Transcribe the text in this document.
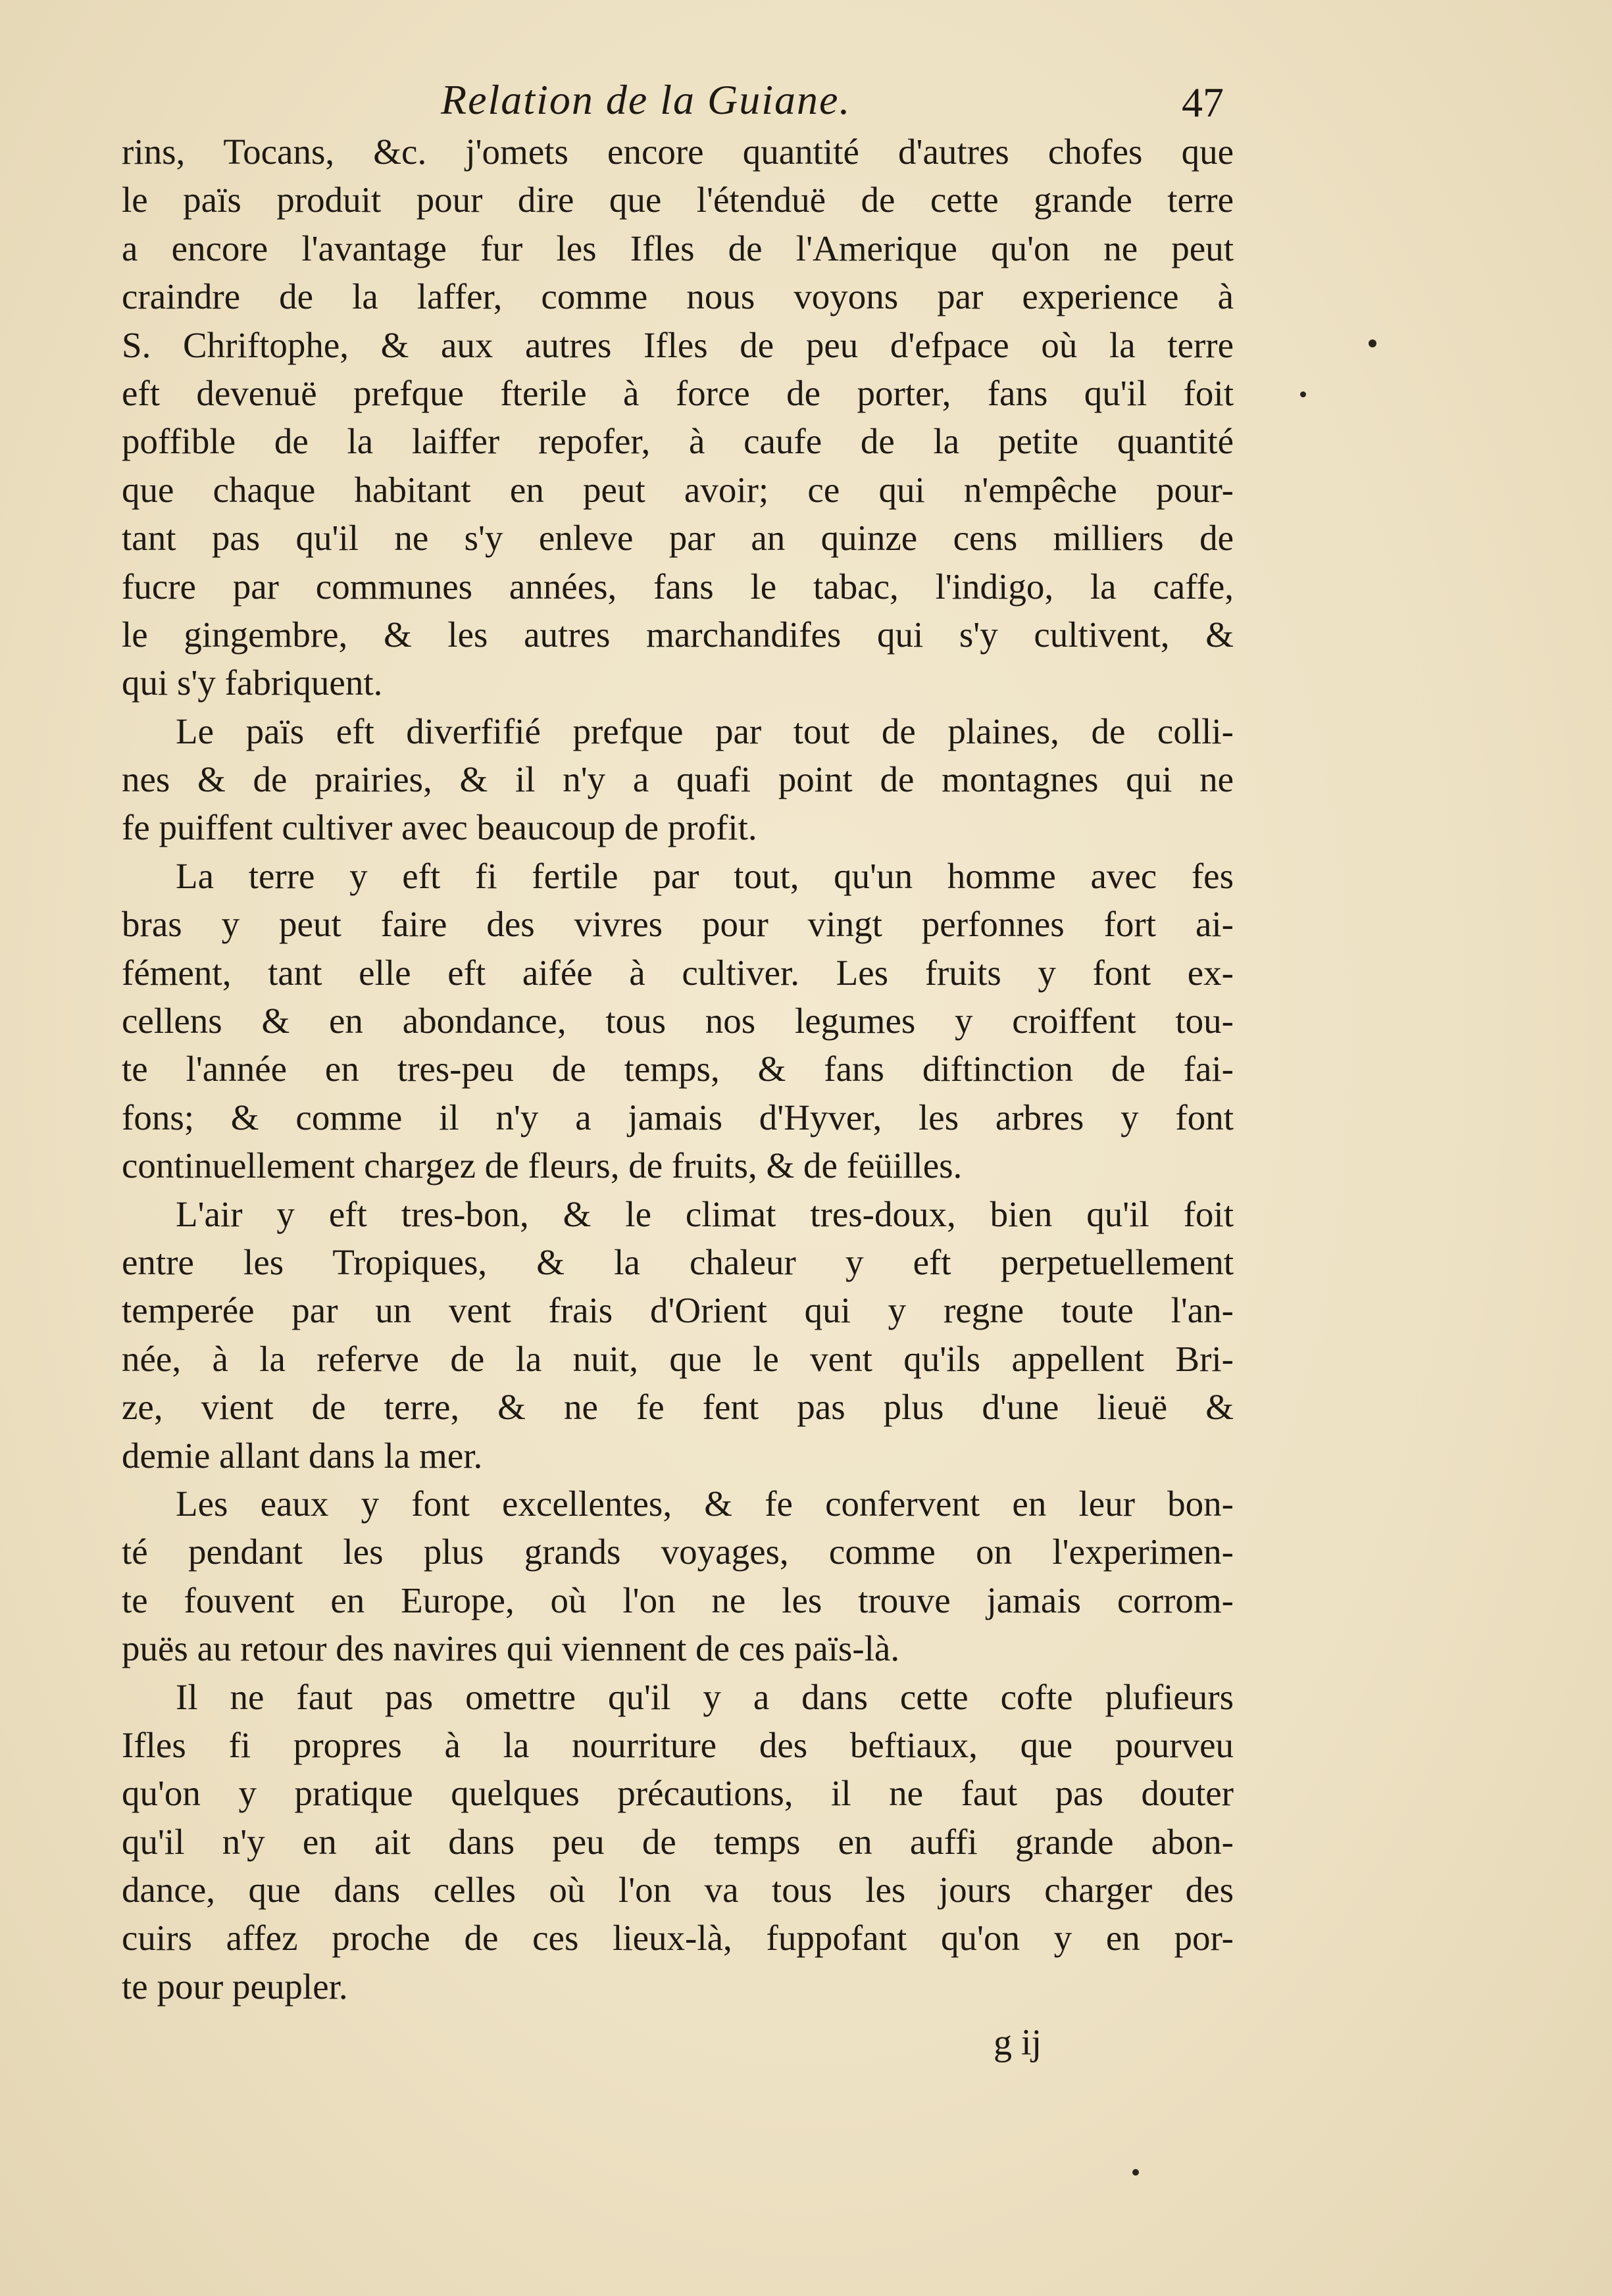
Relation de la Guiane.	47

rins, Tocans, &c. j'omets encore quantité d'autres chofes que
le païs produit pour dire que l'étenduë de cette grande terre
a encore l'avantage fur les Ifles de l'Amerique qu'on ne peut
craindre de la laffer, comme nous voyons par experience à
S. Chriftophe, & aux autres Ifles de peu d'efpace où la terre
eft devenuë prefque fterile à force de porter, fans qu'il foit
poffible de la laiffer repofer, à caufe de la petite quantité
que chaque habitant en peut avoir; ce qui n'empêche pour-
tant pas qu'il ne s'y enleve par an quinze cens milliers de
fucre par communes années, fans le tabac, l'indigo, la caffe,
le gingembre, & les autres marchandifes qui s'y cultivent, &
qui s'y fabriquent.

Le païs eft diverfifié prefque par tout de plaines, de colli-
nes & de prairies, & il n'y a quafi point de montagnes qui ne
fe puiffent cultiver avec beaucoup de profit.

La terre y eft fi fertile par tout, qu'un homme avec fes
bras y peut faire des vivres pour vingt perfonnes fort ai-
fément, tant elle eft aifée à cultiver. Les fruits y font ex-
cellens & en abondance, tous nos legumes y croiffent tou-
te l'année en tres-peu de temps, & fans diftinction de fai-
fons; & comme il n'y a jamais d'Hyver, les arbres y font
continuellement chargez de fleurs, de fruits, & de feüilles.

L'air y eft tres-bon, & le climat tres-doux, bien qu'il foit
entre les Tropiques, & la chaleur y eft perpetuellement
temperée par un vent frais d'Orient qui y regne toute l'an-
née, à la referve de la nuit, que le vent qu'ils appellent Bri-
ze, vient de terre, & ne fe fent pas plus d'une lieuë &
demie allant dans la mer.

Les eaux y font excellentes, & fe confervent en leur bon-
té pendant les plus grands voyages, comme on l'experimen-
te fouvent en Europe, où l'on ne les trouve jamais corrom-
puës au retour des navires qui viennent de ces païs-là.

Il ne faut pas omettre qu'il y a dans cette cofte plufieurs
Ifles fi propres à la nourriture des beftiaux, que pourveu
qu'on y pratique quelques précautions, il ne faut pas douter
qu'il n'y en ait dans peu de temps en auffi grande abon-
dance, que dans celles où l'on va tous les jours charger des
cuirs affez proche de ces lieux-là, fuppofant qu'on y en por-
te pour peupler.

g ij
